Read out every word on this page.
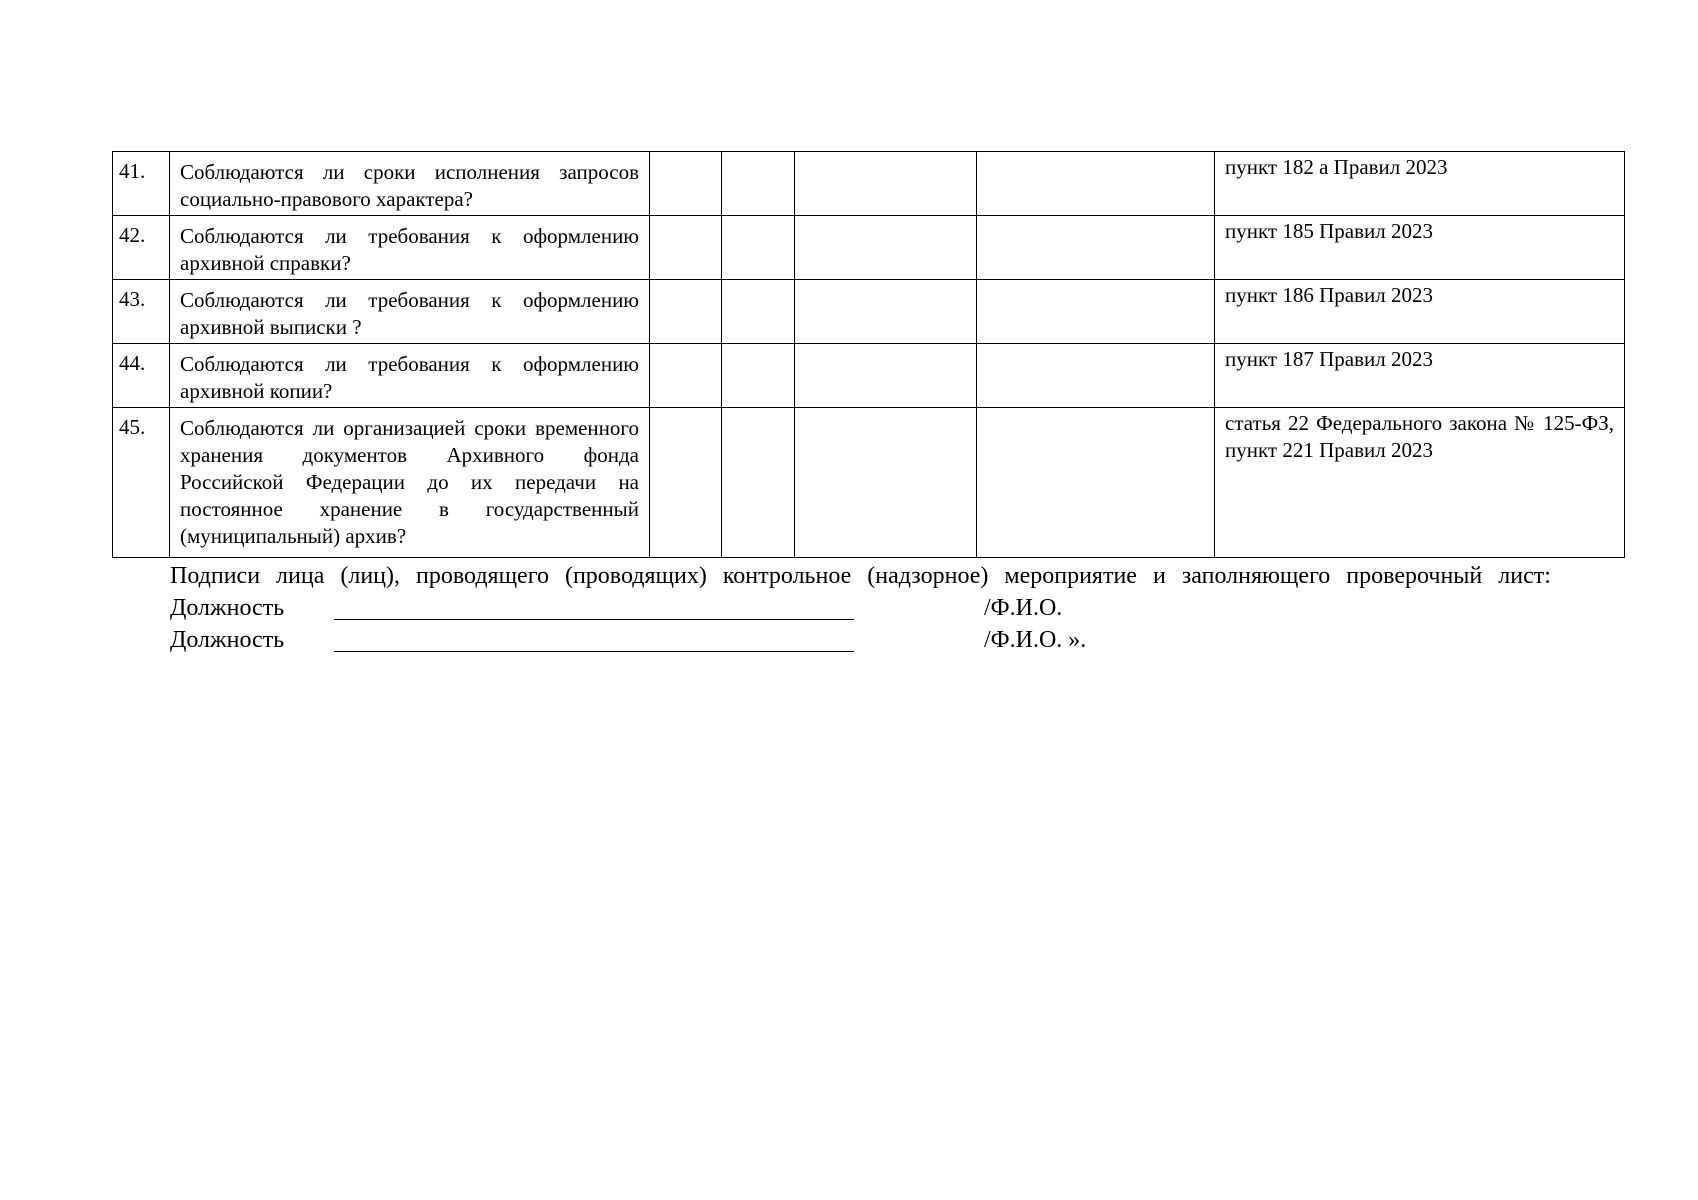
41.	Соблюдаются ли сроки исполнения запросов социально-правового характера?					пункт 182 а Правил 2023
42.	Соблюдаются ли требования к оформлению архивной справки?					пункт 185 Правил 2023
43.	Соблюдаются ли требования к оформлению архивной выписки ?					пункт 186 Правил 2023
44.	Соблюдаются ли требования к оформлению архивной копии?					пункт 187 Правил 2023
45.	Соблюдаются ли организацией сроки временного хранения документов Архивного фонда Российской Федерации до их передачи на постоянное хранение в государственный (муниципальный) архив?					статья 22 Федерального закона № 125-ФЗ, пункт 221 Правил 2023

Подписи лица (лиц), проводящего (проводящих) контрольное (надзорное) мероприятие и заполняющего проверочный лист:

Должность	/Ф.И.О.
Должность	/Ф.И.О. ».
